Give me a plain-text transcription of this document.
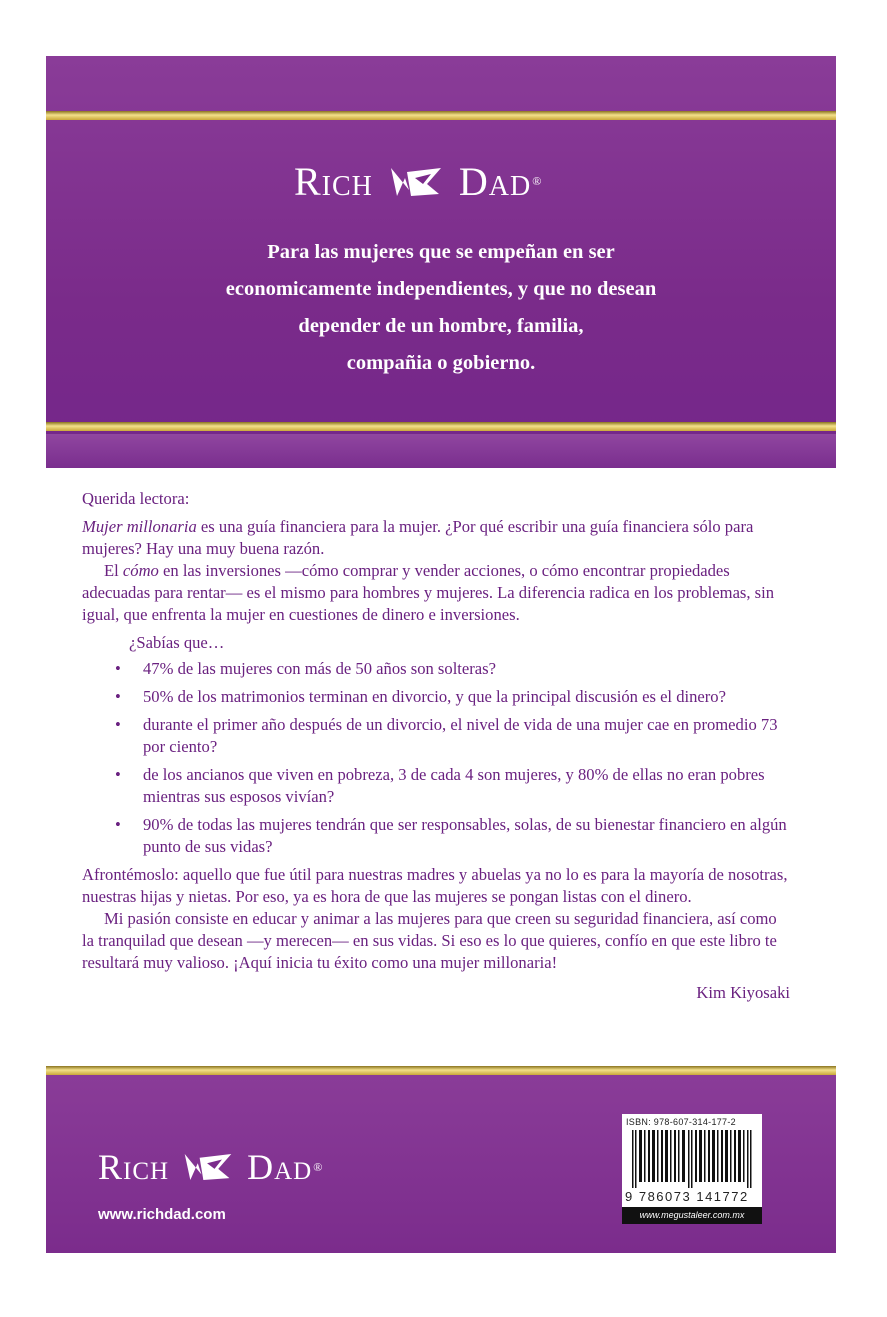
Rich Dad ®
Para las mujeres que se empeñan en ser
economicamente independientes, y que no desean
depender de un hombre, familia,
compañia o gobierno.

Querida lectora:

Mujer millonaria es una guía financiera para la mujer. ¿Por qué escribir una guía financiera sólo para mujeres? Hay una muy buena razón.

El cómo en las inversiones —cómo comprar y vender acciones, o cómo encontrar propiedades adecuadas para rentar— es el mismo para hombres y mujeres. La diferencia radica en los problemas, sin igual, que enfrenta la mujer en cuestiones de dinero e inversiones.

¿Sabías que…

• 47% de las mujeres con más de 50 años son solteras?
• 50% de los matrimonios terminan en divorcio, y que la principal discusión es el dinero?
• durante el primer año después de un divorcio, el nivel de vida de una mujer cae en promedio 73 por ciento?
• de los ancianos que viven en pobreza, 3 de cada 4 son mujeres, y 80% de ellas no eran pobres mientras sus esposos vivían?
• 90% de todas las mujeres tendrán que ser responsables, solas, de su bienestar financiero en algún punto de sus vidas?

Afrontémoslo: aquello que fue útil para nuestras madres y abuelas ya no lo es para la mayoría de nosotras, nuestras hijas y nietas. Por eso, ya es hora de que las mujeres se pongan listas con el dinero.

Mi pasión consiste en educar y animar a las mujeres para que creen su seguridad financiera, así como la tranquilad que desean —y merecen— en sus vidas. Si eso es lo que quieres, confío en que este libro te resultará muy valioso. ¡Aquí inicia tu éxito como una mujer millonaria!

Kim Kiyosaki

Rich Dad ®
www.richdad.com
ISBN: 978-607-314-177-2
9 786073 141772
www.megustaleer.com.mx
